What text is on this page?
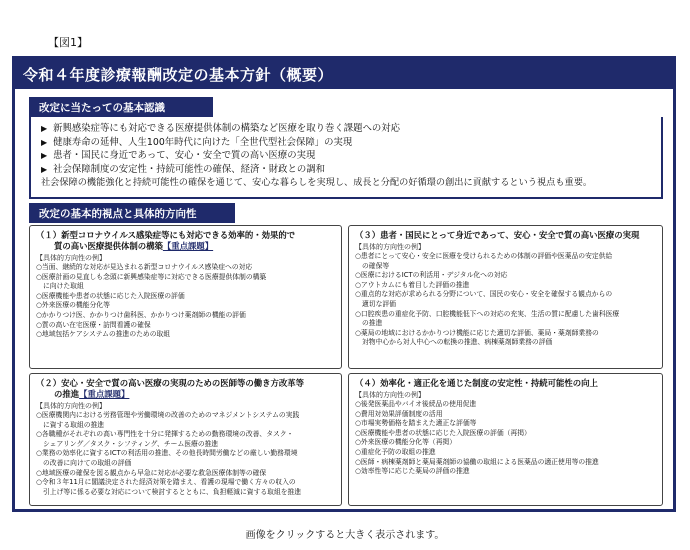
【図1】
令和４年度診療報酬改定の基本方針（概要）
改定に当たっての基本認識
▶ 新興感染症等にも対応できる医療提供体制の構築など医療を取り巻く課題への対応
▶ 健康寿命の延伸、人生100年時代に向けた「全世代型社会保障」の実現
▶ 患者・国民に身近であって、安心・安全で質の高い医療の実現
▶ 社会保障制度の安定性・持続可能性の確保、経済・財政との調和
社会保障の機能強化と持続可能性の確保を通じて、安心な暮らしを実現し、成長と分配の好循環の創出に貢献するという視点も重要。
改定の基本的視点と具体的方向性
（１）新型コロナウイルス感染症等にも対応できる効率的・効果的で
質の高い医療提供体制の構築【重点課題】
【具体的方向性の例】
○当面、継続的な対応が見込まれる新型コロナウイルス感染症への対応
○医療計画の見直しも念頭に新興感染症等に対応できる医療提供体制の構築
に向けた取組
○医療機能や患者の状態に応じた入院医療の評価
○外来医療の機能分化等
○かかりつけ医、かかりつけ歯科医、かかりつけ薬剤師の機能の評価
○質の高い在宅医療・訪問看護の確保
○地域包括ケアシステムの推進のための取組
（３）患者・国民にとって身近であって、安心・安全で質の高い医療の実現
【具体的方向性の例】
○患者にとって安心・安全に医療を受けられるための体制の評価や医薬品の安定供給
の確保等
○医療におけるICTの利活用・デジタル化への対応
○アウトカムにも着目した評価の推進
○重点的な対応が求められる分野について、国民の安心・安全を確保する観点からの
適切な評価
○口腔疾患の重症化予防、口腔機能低下への対応の充実、生活の質に配慮した歯科医療
の推進
○薬局の地域におけるかかりつけ機能に応じた適切な評価、薬局・薬剤師業務の
対物中心から対人中心への転換の推進、病棟薬剤師業務の評価
（２）安心・安全で質の高い医療の実現のための医師等の働き方改革等
の推進【重点課題】
【具体的方向性の例】
○医療機関内における労務管理や労働環境の改善のためのマネジメントシステムの実践
に資する取組の推進
○各職種がそれぞれの高い専門性を十分に発揮するための勤務環境の改善、タスク・
シェアリング／タスク・シフティング、チーム医療の推進
○業務の効率化に資するICTの利活用の推進、その他長時間労働などの厳しい勤務環境
の改善に向けての取組の評価
○地域医療の確保を図る観点から早急に対応が必要な救急医療体制等の確保
○令和３年11月に閣議決定された経済対策を踏まえ、看護の現場で働く方々の収入の
引上げ等に係る必要な対応について検討するとともに、負担軽減に資する取組を推進
（４）効率化・適正化を通じた制度の安定性・持続可能性の向上
【具体的方向性の例】
○後発医薬品やバイオ後続品の使用促進
○費用対効果評価制度の活用
○市場実勢価格を踏まえた適正な評価等
○医療機能や患者の状態に応じた入院医療の評価（再掲）
○外来医療の機能分化等（再掲）
○重症化予防の取組の推進
○医師・病棟薬剤師と薬局薬剤師の協働の取組による医薬品の適正使用等の推進
○効率性等に応じた薬局の評価の推進
画像をクリックすると大きく表示されます。
